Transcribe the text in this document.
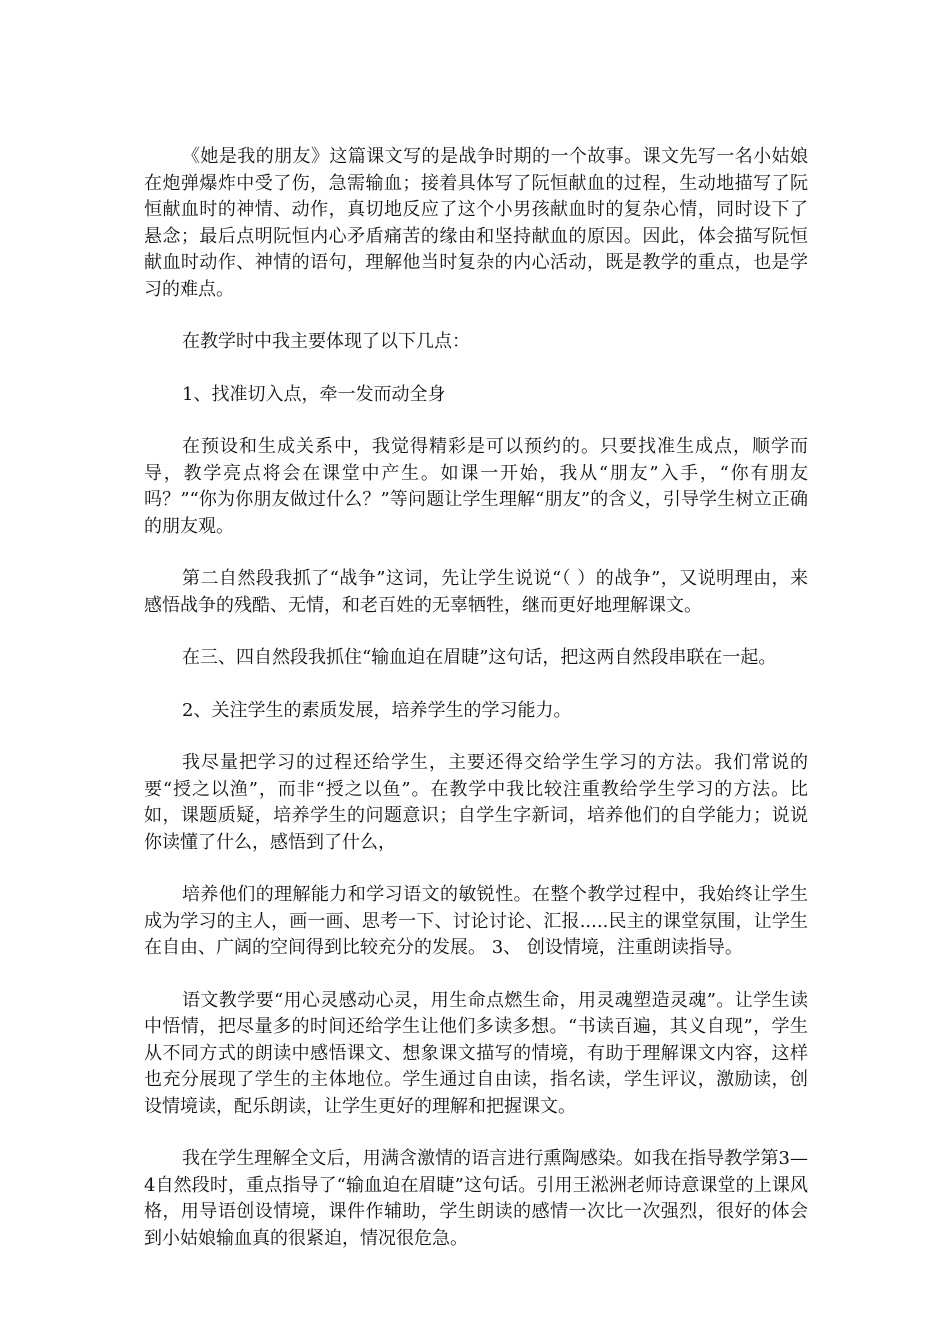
《她是我的朋友》这篇课文写的是战争时期的一个故事。课文先写一名小姑娘在炮弹爆炸中受了伤，急需输血；接着具体写了阮恒献血的过程，生动地描写了阮恒献血时的神情、动作，真切地反应了这个小男孩献血时的复杂心情，同时设下了悬念；最后点明阮恒内心矛盾痛苦的缘由和坚持献血的原因。因此，体会描写阮恒献血时动作、神情的语句，理解他当时复杂的内心活动，既是教学的重点，也是学习的难点。

在教学时中我主要体现了以下几点：

1、找准切入点，牵一发而动全身

在预设和生成关系中，我觉得精彩是可以预约的。只要找准生成点，顺学而导，教学亮点将会在课堂中产生。如课一开始，我从“朋友”入手，“你有朋友吗？”“你为你朋友做过什么？”等问题让学生理解“朋友”的含义，引导学生树立正确的朋友观。

第二自然段我抓了“战争”这词，先让学生说说“（ ）的战争”，又说明理由，来感悟战争的残酷、无情，和老百姓的无辜牺牲，继而更好地理解课文。

在三、四自然段我抓住“输血迫在眉睫”这句话，把这两自然段串联在一起。

2、关注学生的素质发展，培养学生的学习能力。

我尽量把学习的过程还给学生，主要还得交给学生学习的方法。我们常说的要“授之以渔”，而非“授之以鱼”。在教学中我比较注重教给学生学习的方法。比如，课题质疑，培养学生的问题意识；自学生字新词，培养他们的自学能力；说说你读懂了什么，感悟到了什么，

培养他们的理解能力和学习语文的敏锐性。在整个教学过程中，我始终让学生成为学习的主人，画一画、思考一下、讨论讨论、汇报.....民主的课堂氛围，让学生在自由、广阔的空间得到比较充分的发展。 3、 创设情境，注重朗读指导。

语文教学要“用心灵感动心灵，用生命点燃生命，用灵魂塑造灵魂”。让学生读中悟情，把尽量多的时间还给学生让他们多读多想。“书读百遍，其义自现”，学生从不同方式的朗读中感悟课文、想象课文描写的情境，有助于理解课文内容，这样也充分展现了学生的主体地位。学生通过自由读，指名读，学生评议，激励读，创设情境读，配乐朗读，让学生更好的理解和把握课文。

我在学生理解全文后，用满含激情的语言进行熏陶感染。如我在指导教学第3—4自然段时，重点指导了“输血迫在眉睫”这句话。引用王淞洲老师诗意课堂的上课风格，用导语创设情境，课件作辅助，学生朗读的感情一次比一次强烈，很好的体会到小姑娘输血真的很紧迫，情况很危急。
